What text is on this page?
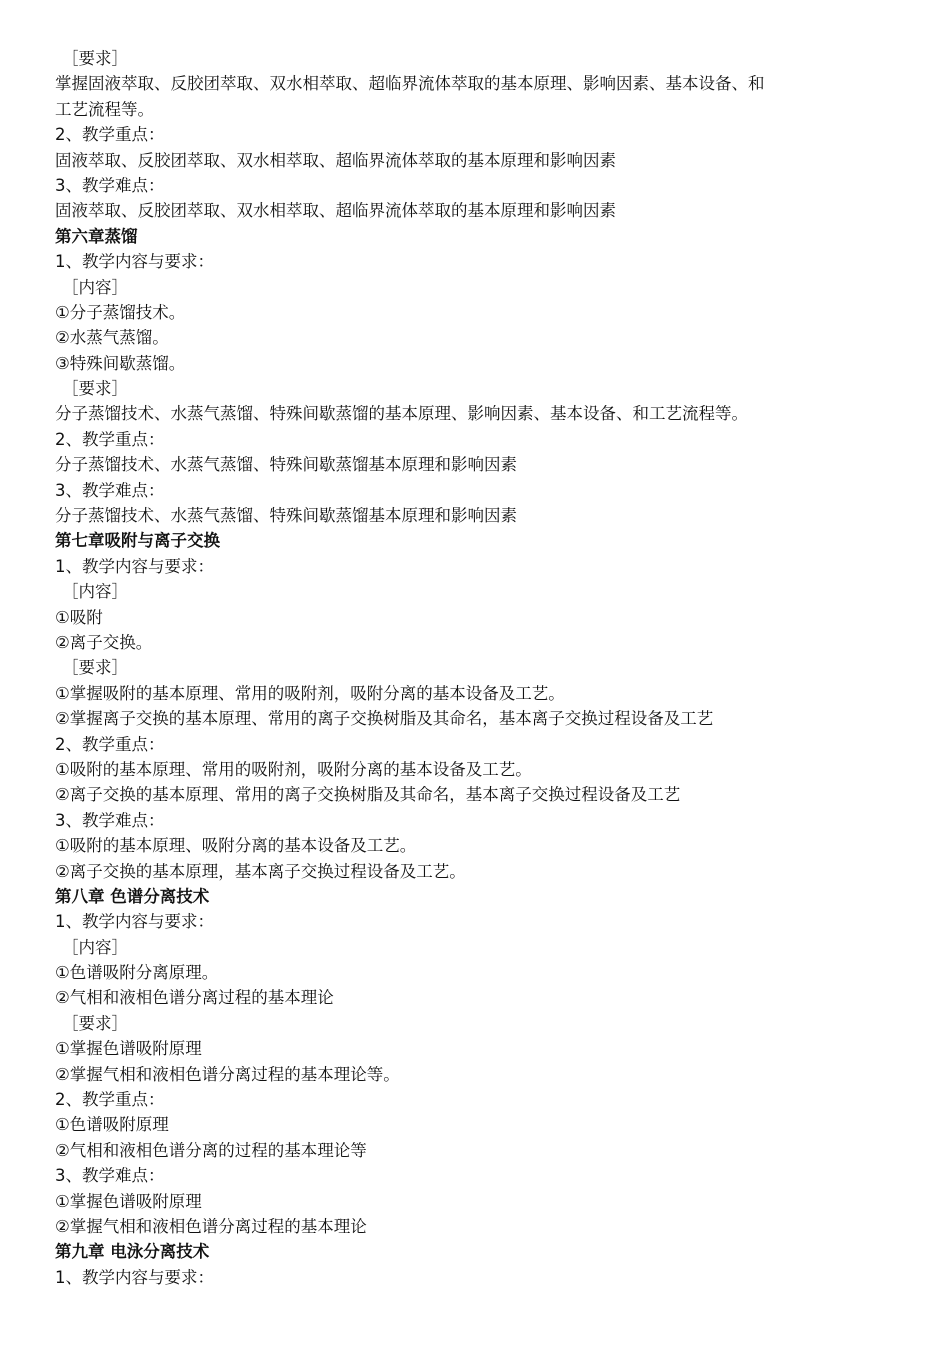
［要求］
掌握固液萃取、反胶团萃取、双水相萃取、超临界流体萃取的基本原理、影响因素、基本设备、和
工艺流程等。
2、教学重点：
固液萃取、反胶团萃取、双水相萃取、超临界流体萃取的基本原理和影响因素
3、教学难点：
固液萃取、反胶团萃取、双水相萃取、超临界流体萃取的基本原理和影响因素
第六章蒸馏
1、教学内容与要求：
［内容］
①分子蒸馏技术。
②水蒸气蒸馏。
③特殊间歇蒸馏。
［要求］
分子蒸馏技术、水蒸气蒸馏、特殊间歇蒸馏的基本原理、影响因素、基本设备、和工艺流程等。
2、教学重点：
分子蒸馏技术、水蒸气蒸馏、特殊间歇蒸馏基本原理和影响因素
3、教学难点：
分子蒸馏技术、水蒸气蒸馏、特殊间歇蒸馏基本原理和影响因素
第七章吸附与离子交换
1、教学内容与要求：
［内容］
①吸附
②离子交换。
［要求］
①掌握吸附的基本原理、常用的吸附剂，吸附分离的基本设备及工艺。
②掌握离子交换的基本原理、常用的离子交换树脂及其命名，基本离子交换过程设备及工艺
2、教学重点：
①吸附的基本原理、常用的吸附剂，吸附分离的基本设备及工艺。
②离子交换的基本原理、常用的离子交换树脂及其命名，基本离子交换过程设备及工艺
3、教学难点：
①吸附的基本原理、吸附分离的基本设备及工艺。
②离子交换的基本原理，基本离子交换过程设备及工艺。
第八章 色谱分离技术
1、教学内容与要求：
［内容］
①色谱吸附分离原理。
②气相和液相色谱分离过程的基本理论
［要求］
①掌握色谱吸附原理
②掌握气相和液相色谱分离过程的基本理论等。
2、教学重点：
①色谱吸附原理
②气相和液相色谱分离的过程的基本理论等
3、教学难点：
①掌握色谱吸附原理
②掌握气相和液相色谱分离过程的基本理论
第九章 电泳分离技术
1、教学内容与要求：
